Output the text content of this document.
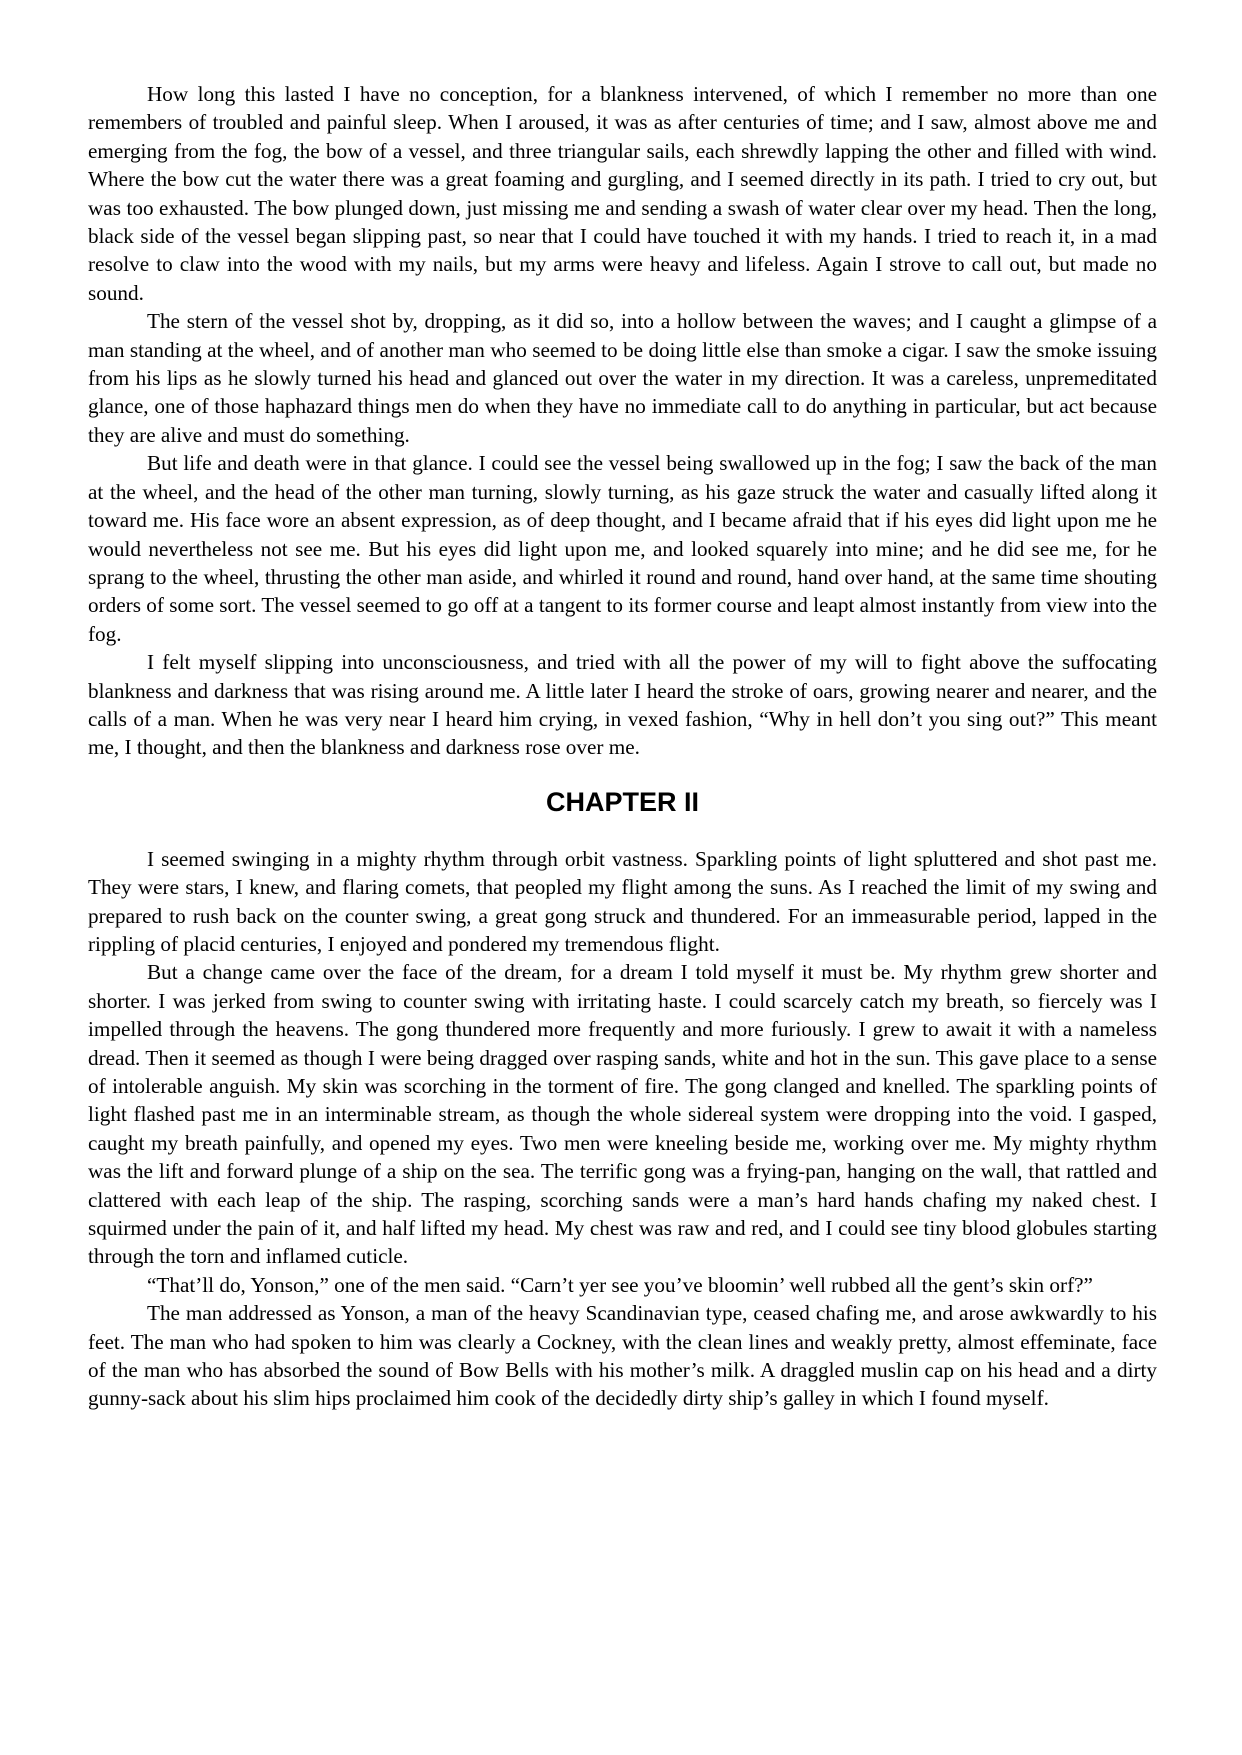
How long this lasted I have no conception, for a blankness intervened, of which I remember no more than one remembers of troubled and painful sleep. When I aroused, it was as after centuries of time; and I saw, almost above me and emerging from the fog, the bow of a vessel, and three triangular sails, each shrewdly lapping the other and filled with wind. Where the bow cut the water there was a great foaming and gurgling, and I seemed directly in its path. I tried to cry out, but was too exhausted. The bow plunged down, just missing me and sending a swash of water clear over my head. Then the long, black side of the vessel began slipping past, so near that I could have touched it with my hands. I tried to reach it, in a mad resolve to claw into the wood with my nails, but my arms were heavy and lifeless. Again I strove to call out, but made no sound.

The stern of the vessel shot by, dropping, as it did so, into a hollow between the waves; and I caught a glimpse of a man standing at the wheel, and of another man who seemed to be doing little else than smoke a cigar. I saw the smoke issuing from his lips as he slowly turned his head and glanced out over the water in my direction. It was a careless, unpremeditated glance, one of those haphazard things men do when they have no immediate call to do anything in particular, but act because they are alive and must do something.

But life and death were in that glance. I could see the vessel being swallowed up in the fog; I saw the back of the man at the wheel, and the head of the other man turning, slowly turning, as his gaze struck the water and casually lifted along it toward me. His face wore an absent expression, as of deep thought, and I became afraid that if his eyes did light upon me he would nevertheless not see me. But his eyes did light upon me, and looked squarely into mine; and he did see me, for he sprang to the wheel, thrusting the other man aside, and whirled it round and round, hand over hand, at the same time shouting orders of some sort. The vessel seemed to go off at a tangent to its former course and leapt almost instantly from view into the fog.

I felt myself slipping into unconsciousness, and tried with all the power of my will to fight above the suffocating blankness and darkness that was rising around me. A little later I heard the stroke of oars, growing nearer and nearer, and the calls of a man. When he was very near I heard him crying, in vexed fashion, “Why in hell don’t you sing out?” This meant me, I thought, and then the blankness and darkness rose over me.

CHAPTER II

I seemed swinging in a mighty rhythm through orbit vastness. Sparkling points of light spluttered and shot past me. They were stars, I knew, and flaring comets, that peopled my flight among the suns. As I reached the limit of my swing and prepared to rush back on the counter swing, a great gong struck and thundered. For an immeasurable period, lapped in the rippling of placid centuries, I enjoyed and pondered my tremendous flight.

But a change came over the face of the dream, for a dream I told myself it must be. My rhythm grew shorter and shorter. I was jerked from swing to counter swing with irritating haste. I could scarcely catch my breath, so fiercely was I impelled through the heavens. The gong thundered more frequently and more furiously. I grew to await it with a nameless dread. Then it seemed as though I were being dragged over rasping sands, white and hot in the sun. This gave place to a sense of intolerable anguish. My skin was scorching in the torment of fire. The gong clanged and knelled. The sparkling points of light flashed past me in an interminable stream, as though the whole sidereal system were dropping into the void. I gasped, caught my breath painfully, and opened my eyes. Two men were kneeling beside me, working over me. My mighty rhythm was the lift and forward plunge of a ship on the sea. The terrific gong was a frying-pan, hanging on the wall, that rattled and clattered with each leap of the ship. The rasping, scorching sands were a man’s hard hands chafing my naked chest. I squirmed under the pain of it, and half lifted my head. My chest was raw and red, and I could see tiny blood globules starting through the torn and inflamed cuticle.

“That’ll do, Yonson,” one of the men said. “Carn’t yer see you’ve bloomin’ well rubbed all the gent’s skin orf?”

The man addressed as Yonson, a man of the heavy Scandinavian type, ceased chafing me, and arose awkwardly to his feet. The man who had spoken to him was clearly a Cockney, with the clean lines and weakly pretty, almost effeminate, face of the man who has absorbed the sound of Bow Bells with his mother’s milk. A draggled muslin cap on his head and a dirty gunny-sack about his slim hips proclaimed him cook of the decidedly dirty ship’s galley in which I found myself.
